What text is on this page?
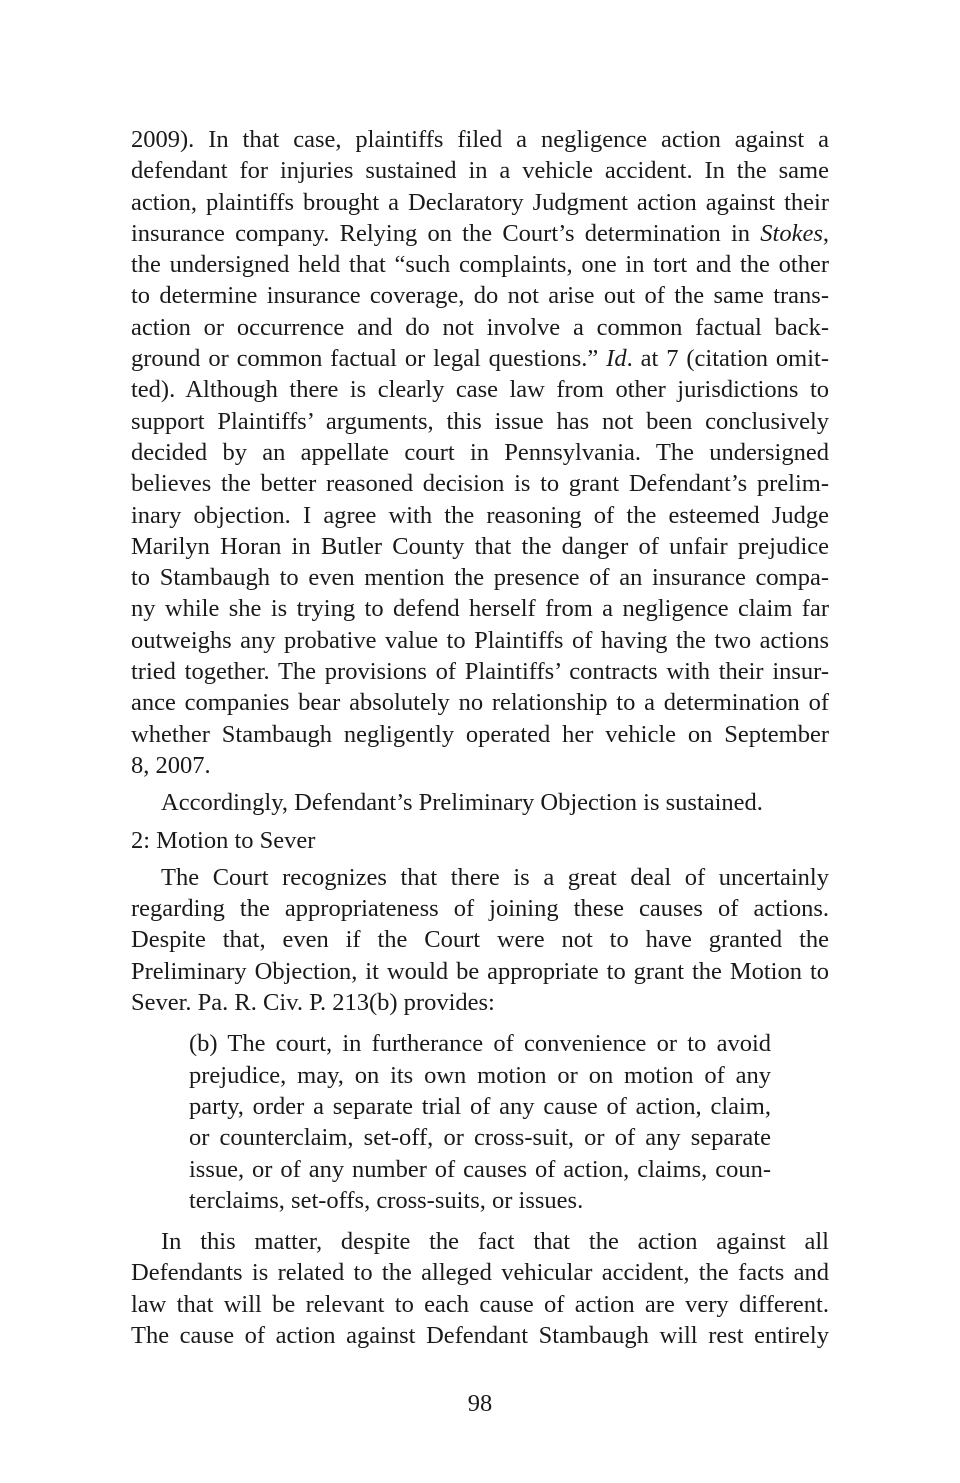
2009). In that case, plaintiffs filed a negligence action against a
defendant for injuries sustained in a vehicle accident. In the same
action, plaintiffs brought a Declaratory Judgment action against their
insurance company. Relying on the Court’s determination in Stokes,
the undersigned held that “such complaints, one in tort and the other
to determine insurance coverage, do not arise out of the same trans-
action or occurrence and do not involve a common factual back-
ground or common factual or legal questions.” Id. at 7 (citation omit-
ted). Although there is clearly case law from other jurisdictions to
support Plaintiffs’ arguments, this issue has not been conclusively
decided by an appellate court in Pennsylvania. The undersigned
believes the better reasoned decision is to grant Defendant’s prelim-
inary objection. I agree with the reasoning of the esteemed Judge
Marilyn Horan in Butler County that the danger of unfair prejudice
to Stambaugh to even mention the presence of an insurance compa-
ny while she is trying to defend herself from a negligence claim far
outweighs any probative value to Plaintiffs of having the two actions
tried together. The provisions of Plaintiffs’ contracts with their insur-
ance companies bear absolutely no relationship to a determination of
whether Stambaugh negligently operated her vehicle on September
8, 2007.
Accordingly, Defendant’s Preliminary Objection is sustained.
2: Motion to Sever
The Court recognizes that there is a great deal of uncertainly
regarding the appropriateness of joining these causes of actions.
Despite that, even if the Court were not to have granted the
Preliminary Objection, it would be appropriate to grant the Motion to
Sever. Pa. R. Civ. P. 213(b) provides:
(b) The court, in furtherance of convenience or to avoid
prejudice, may, on its own motion or on motion of any
party, order a separate trial of any cause of action, claim,
or counterclaim, set-off, or cross-suit, or of any separate
issue, or of any number of causes of action, claims, coun-
terclaims, set-offs, cross-suits, or issues.
In this matter, despite the fact that the action against all
Defendants is related to the alleged vehicular accident, the facts and
law that will be relevant to each cause of action are very different.
The cause of action against Defendant Stambaugh will rest entirely
98
